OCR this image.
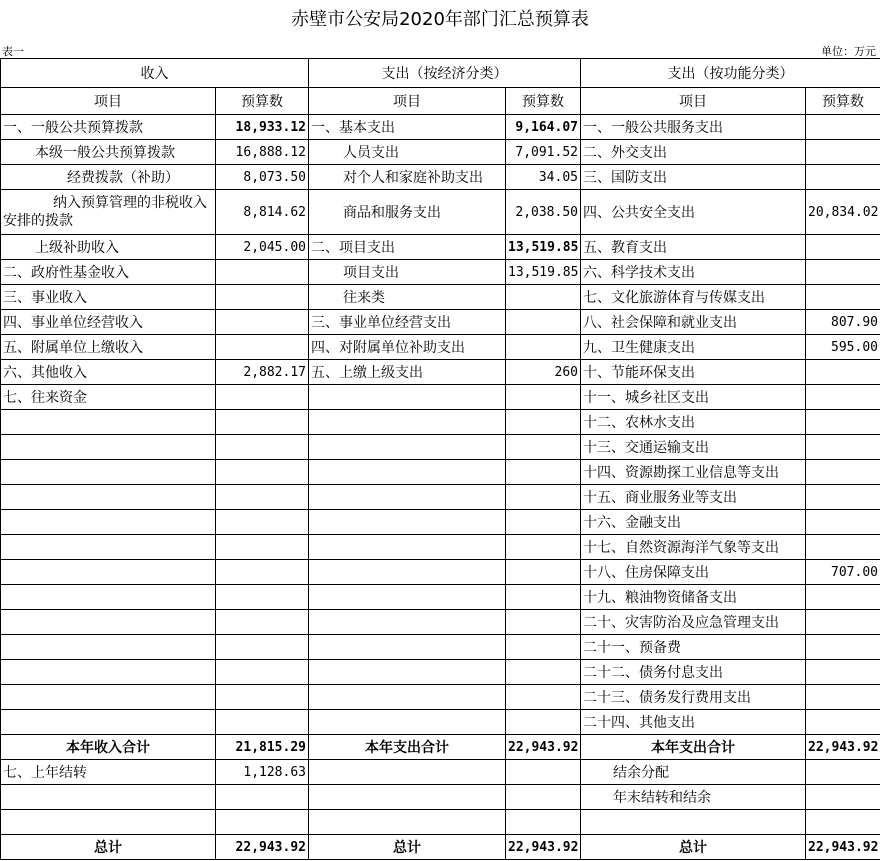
赤壁市公安局2020年部门汇总预算表
表一	单位：万元
收入		支出（按经济分类）		支出（按功能分类）	
项目	预算数	项目	预算数	项目	预算数
一、一般公共预算拨款	18,933.12	一、基本支出	9,164.07	一、一般公共服务支出	
本级一般公共预算拨款	16,888.12	人员支出	7,091.52	二、外交支出	
经费拨款（补助）	8,073.50	对个人和家庭补助支出	34.05	三、国防支出	
纳入预算管理的非税收入安排的拨款	8,814.62	商品和服务支出	2,038.50	四、公共安全支出	20,834.02
上级补助收入	2,045.00	二、项目支出	13,519.85	五、教育支出	
二、政府性基金收入		项目支出	13,519.85	六、科学技术支出	
三、事业收入		往来类		七、文化旅游体育与传媒支出	
四、事业单位经营收入		三、事业单位经营支出		八、社会保障和就业支出	807.90
五、附属单位上缴收入		四、对附属单位补助支出		九、卫生健康支出	595.00
六、其他收入	2,882.17	五、上缴上级支出	260	十、节能环保支出	
七、往来资金				十一、城乡社区支出	
				十二、农林水支出	
				十三、交通运输支出	
				十四、资源勘探工业信息等支出	
				十五、商业服务业等支出	
				十六、金融支出	
				十七、自然资源海洋气象等支出	
				十八、住房保障支出	707.00
				十九、粮油物资储备支出	
				二十、灾害防治及应急管理支出	
				二十一、预备费	
				二十二、债务付息支出	
				二十三、债务发行费用支出	
				二十四、其他支出	
本年收入合计	21,815.29	本年支出合计	22,943.92	本年支出合计	22,943.92
七、上年结转	1,128.63			结余分配	
				年末结转和结余	

总计	22,943.92	总计	22,943.92	总计	22,943.92
